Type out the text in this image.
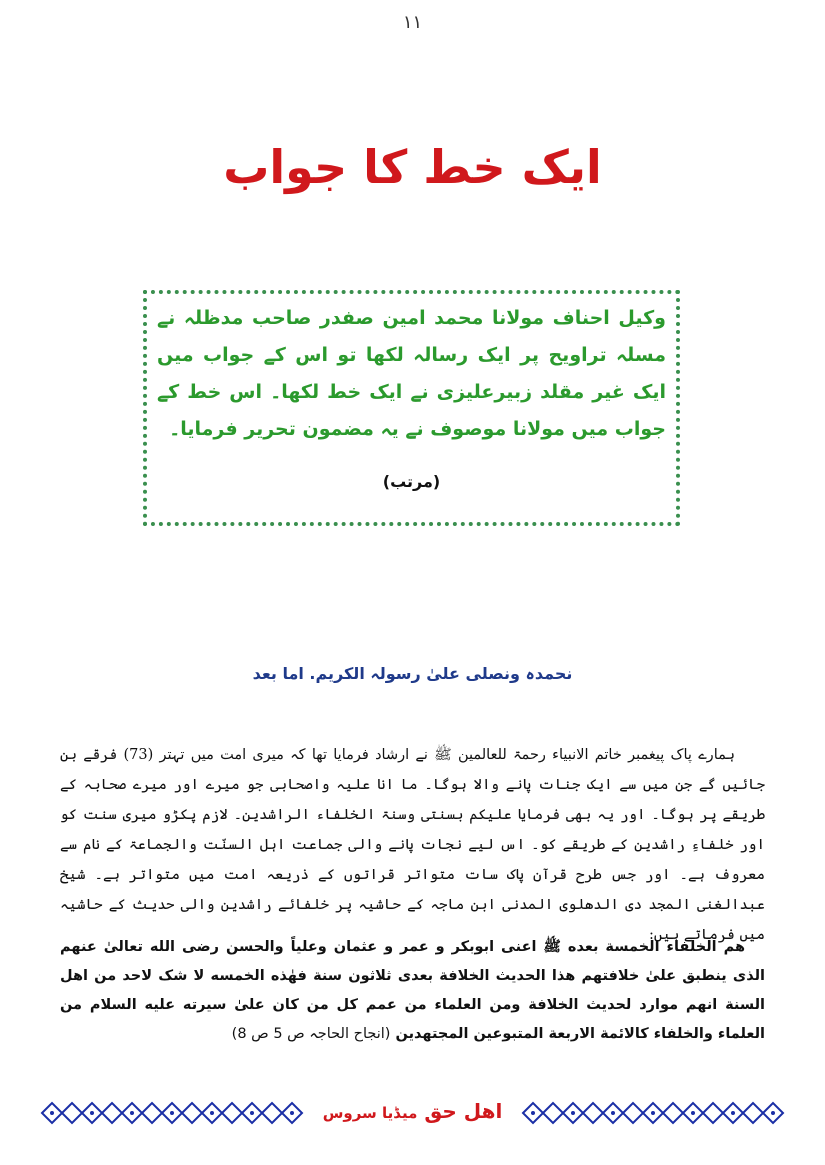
۱۱
ایک خط کا جواب

وکیل احناف مولانا محمد امین صفدر صاحب مدظلہ نے مسلہ تراویح پر ایک رسالہ لکھا تو اس کے جواب میں ایک غیر مقلد زبیرعلیزی نے ایک خط لکھا۔ اس خط کے جواب میں مولانا موصوف نے یہ مضمون تحریر فرمایا۔

(مرتب)
نحمدہ ونصلی علیٰ رسولہ الکریم. اما بعد

ہمارے پاک پیغمبر خاتم الانبیاء رحمۃ للعالمین ﷺ نے ارشاد فرمایا تھا کہ میری امت میں تہتر (73) فرقے بن جائیں گے جن میں سے ایک جنات پانے والا ہوگا۔ ما انا علیہ واصحابی جو میرے اور میرے صحابہ کے طریقے پر ہوگا۔ اور یہ بھی فرمایا علیکم بسنتی وسنۃ الخلفاء الراشدین۔ لازم پکڑو میری سنت کو اور خلفاءِ راشدین کے طریقے کو۔ اس لیے نجات پانے والی جماعت اہل السنّت والجماعۃ کے نام سے معروف ہے۔ اور جس طرح قرآن پاک سات متواتر قراتوں کے ذریعہ امت میں متواتر ہے۔ شیخ عبدالغنی المجد دی الدھلوی المدنی ابن ماجہ کے حاشیہ پر خلفائے راشدین والی حدیث کے حاشیہ میں فرماتے ہیں:

هم الخلفاء الخمسة بعده ﷺ اعنی ابوبکر و عمر و عثمان وعلياً والحسن رضى الله تعالیٰ عنهم الذى ينطبق علیٰ خلافتهم هذا الحديث الخلافة بعدى ثلاثون سنة فهٰذه الخمسه لا شک لاحد من اهل السنة انهم موارد لحديث الخلافة ومن العلماء من عمم كل من كان علیٰ سيرته عليه السلام من العلماء والخلفاء كالائمة الاربعة المتبوعين المجتهدين (انجاح الحاجہ ص 5 ص 8)

اهل حق میڈیا سروس
